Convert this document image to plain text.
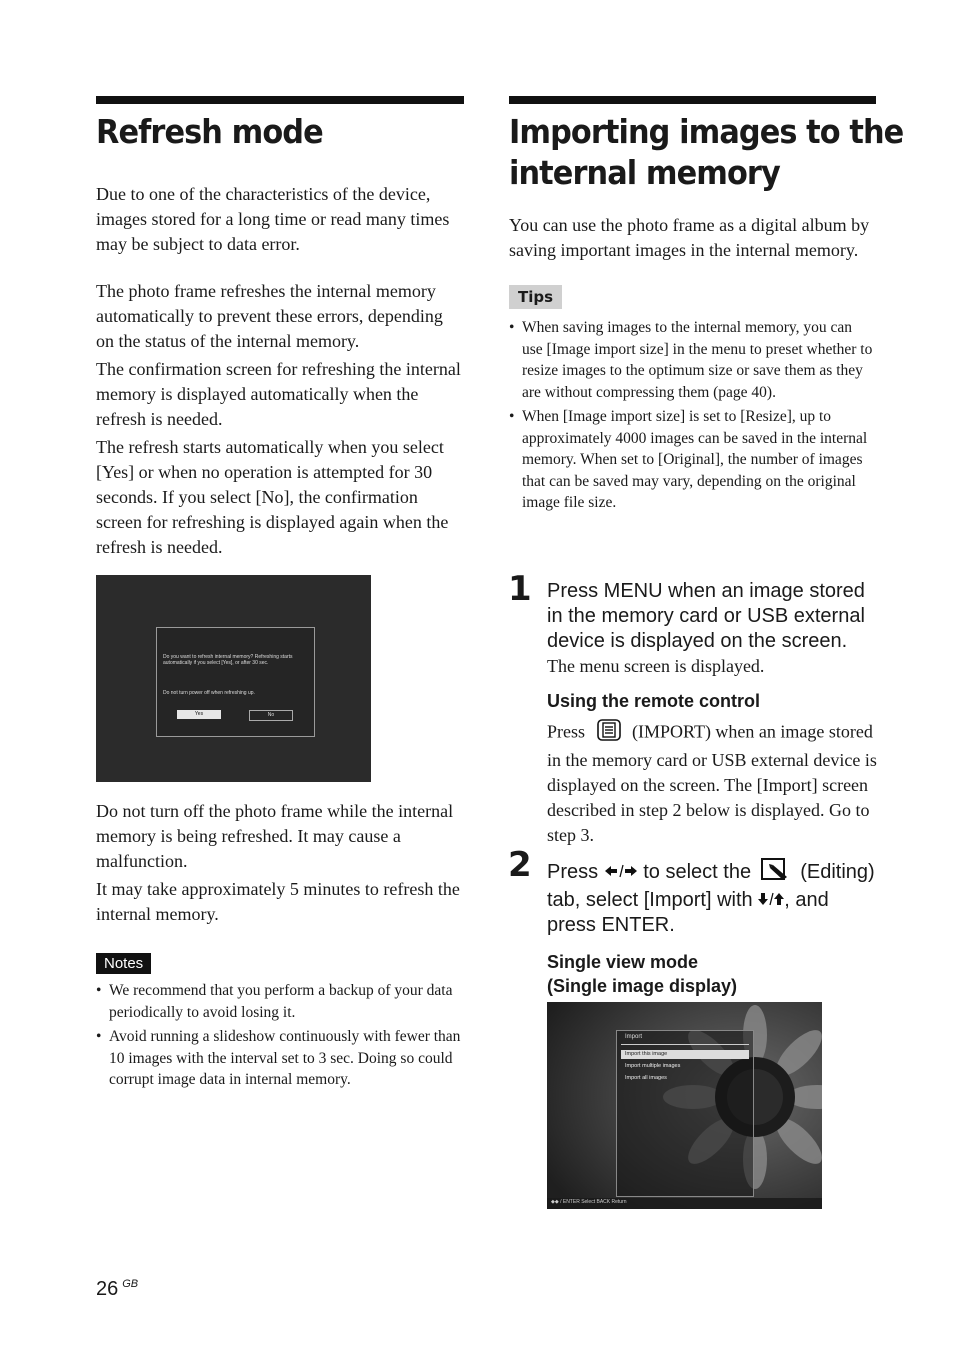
Refresh mode

Due to one of the characteristics of the device, images stored for a long time or read many times may be subject to data error.

The photo frame refreshes the internal memory automatically to prevent these errors, depending on the status of the internal memory.

The confirmation screen for refreshing the internal memory is displayed automatically when the refresh is needed.

The refresh starts automatically when you select [Yes] or when no operation is attempted for 30 seconds. If you select [No], the confirmation screen for refreshing is displayed again when the refresh is needed.

Do you want to refresh internal memory? Refreshing starts automatically if you select [Yes], or after 30 sec.
Do not turn power off when refreshing up.
Yes	No

Do not turn off the photo frame while the internal memory is being refreshed. It may cause a malfunction.

It may take approximately 5 minutes to refresh the internal memory.

Notes
• We recommend that you perform a backup of your data periodically to avoid losing it.
• Avoid running a slideshow continuously with fewer than 10 images with the interval set to 3 sec. Doing so could corrupt image data in internal memory.
Importing images to the
internal memory

You can use the photo frame as a digital album by saving important images in the internal memory.

Tips
• When saving images to the internal memory, you can use [Image import size] in the menu to preset whether to resize images to the optimum size or save them as they are without compressing them (page 40).
• When [Image import size] is set to [Resize], up to approximately 4000 images can be saved in the internal memory. When set to [Original], the number of images that can be saved may vary, depending on the original image file size.
1 Press MENU when an image stored in the memory card or USB external device is displayed on the screen.

The menu screen is displayed.

Using the remote control

Press	(IMPORT) when an image stored in the memory card or USB external device is displayed on the screen. The [Import] screen described in step 2 below is displayed. Go to step 3.

2 Press to select the (Editing) tab, select [Import] with , and press ENTER.

Single view mode
(Single image display)

Import
Import this image
Import multiple images
Import all images
◆◆ / ENTER Select BACK Return
26 $^{GB}$
